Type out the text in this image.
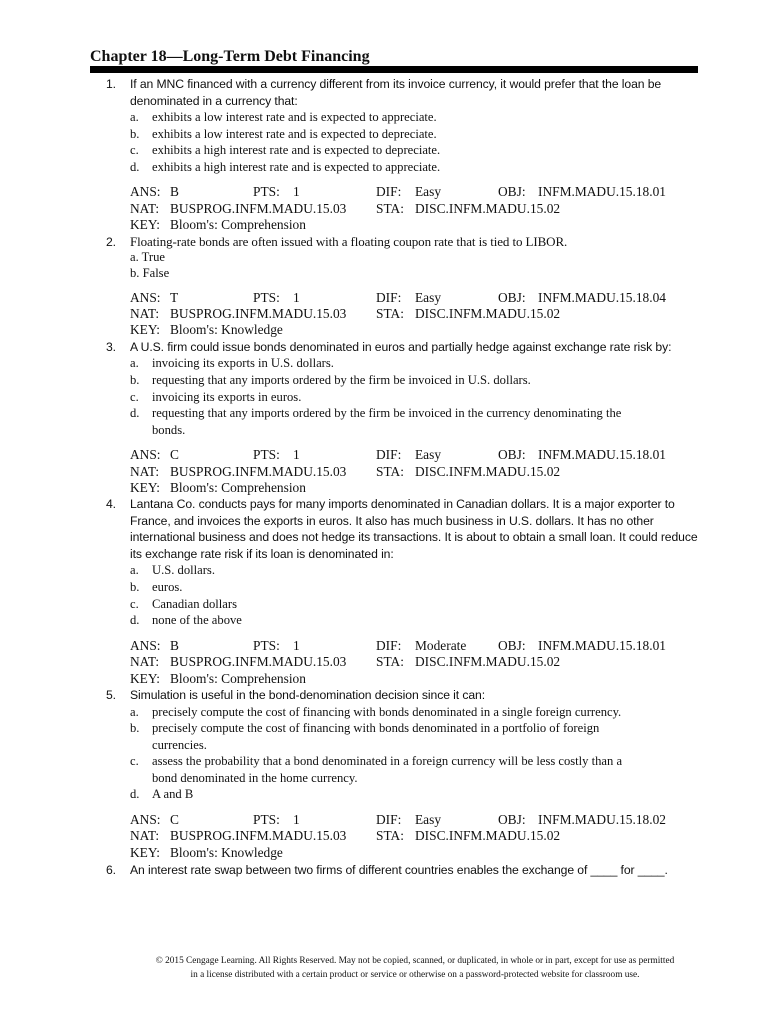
Chapter 18—Long-Term Debt Financing
1. If an MNC financed with a currency different from its invoice currency, it would prefer that the loan be denominated in a currency that:
a. exhibits a low interest rate and is expected to appreciate.
b. exhibits a low interest rate and is expected to depreciate.
c. exhibits a high interest rate and is expected to depreciate.
d. exhibits a high interest rate and is expected to appreciate.
ANS: B	PTS: 1	DIF: Easy	OBJ: INFM.MADU.15.18.01
NAT: BUSPROG.INFM.MADU.15.03 STA: DISC.INFM.MADU.15.02
KEY: Bloom's: Comprehension
2. Floating-rate bonds are often issued with a floating coupon rate that is tied to LIBOR.
a. True
b. False
ANS: T	PTS: 1	DIF: Easy	OBJ: INFM.MADU.15.18.04
NAT: BUSPROG.INFM.MADU.15.03 STA: DISC.INFM.MADU.15.02
KEY: Bloom's: Knowledge
3. A U.S. firm could issue bonds denominated in euros and partially hedge against exchange rate risk by:
a. invoicing its exports in U.S. dollars.
b. requesting that any imports ordered by the firm be invoiced in U.S. dollars.
c. invoicing its exports in euros.
d. requesting that any imports ordered by the firm be invoiced in the currency denominating the bonds.
ANS: C	PTS: 1	DIF: Easy	OBJ: INFM.MADU.15.18.01
NAT: BUSPROG.INFM.MADU.15.03 STA: DISC.INFM.MADU.15.02
KEY: Bloom's: Comprehension
4. Lantana Co. conducts pays for many imports denominated in Canadian dollars. It is a major exporter to France, and invoices the exports in euros. It also has much business in U.S. dollars. It has no other international business and does not hedge its transactions. It is about to obtain a small loan. It could reduce its exchange rate risk if its loan is denominated in:
a. U.S. dollars.
b. euros.
c. Canadian dollars
d. none of the above
ANS: B	PTS: 1	DIF: Moderate OBJ: INFM.MADU.15.18.01
NAT: BUSPROG.INFM.MADU.15.03 STA: DISC.INFM.MADU.15.02
KEY: Bloom's: Comprehension
5. Simulation is useful in the bond-denomination decision since it can:
a. precisely compute the cost of financing with bonds denominated in a single foreign currency.
b. precisely compute the cost of financing with bonds denominated in a portfolio of foreign currencies.
c. assess the probability that a bond denominated in a foreign currency will be less costly than a bond denominated in the home currency.
d. A and B
ANS: C	PTS: 1	DIF: Easy	OBJ: INFM.MADU.15.18.02
NAT: BUSPROG.INFM.MADU.15.03 STA: DISC.INFM.MADU.15.02
KEY: Bloom's: Knowledge
6. An interest rate swap between two firms of different countries enables the exchange of ____ for ____.
© 2015 Cengage Learning. All Rights Reserved. May not be copied, scanned, or duplicated, in whole or in part, except for use as permitted
in a license distributed with a certain product or service or otherwise on a password-protected website for classroom use.
